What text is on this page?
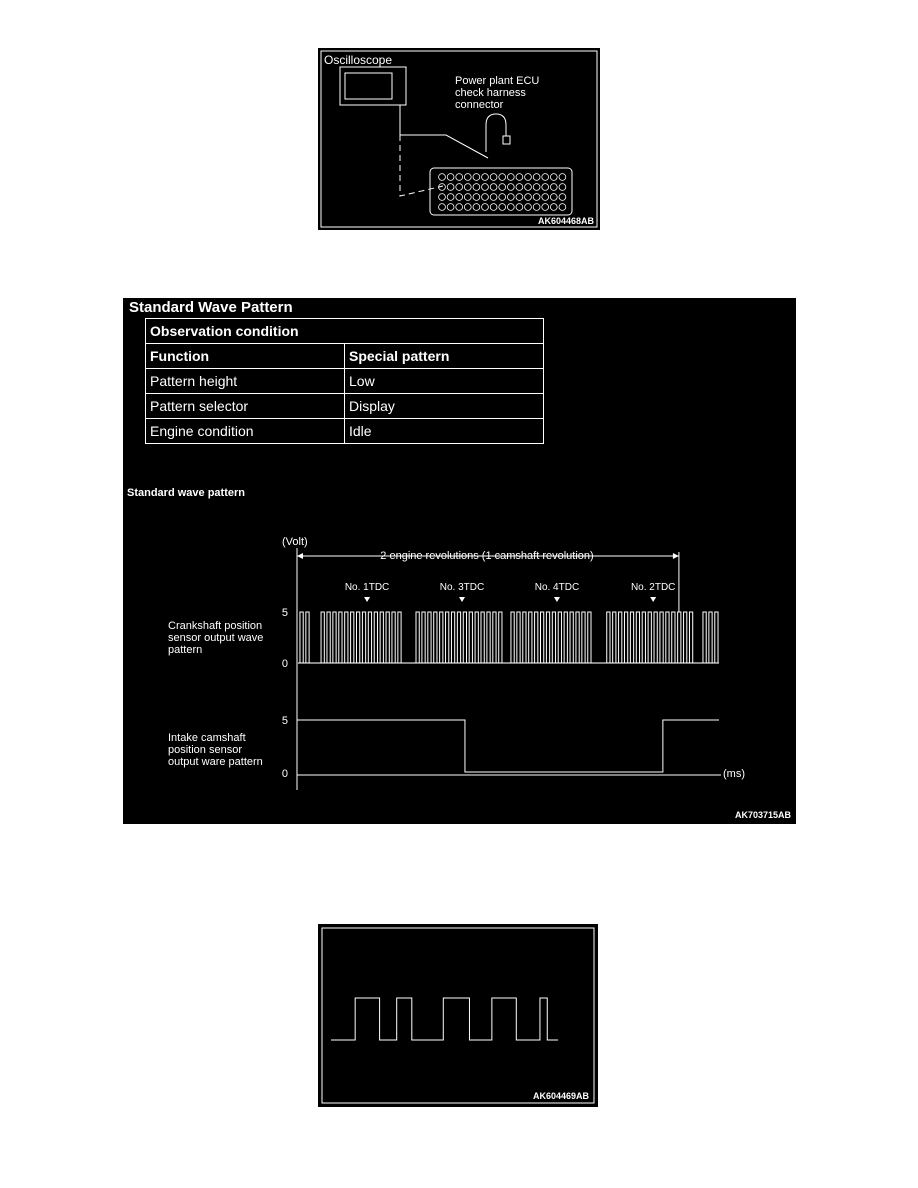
Oscilloscope
Power plant ECU
check harness
connector
AK604468AB
Standard Wave Pattern
Observation condition	
Function	Special pattern
Pattern height	Low
Pattern selector	Display
Engine condition	Idle
Standard wave pattern
(Volt)
2 engine revolutions (1 camshaft revolution)
No. 1TDC	No. 3TDC	No. 4TDC	No. 2TDC
Crankshaft position
sensor output wave
pattern
5
0
Intake camshaft
position sensor
output ware pattern
5
0	(ms)
AK703715AB
AK604469AB
